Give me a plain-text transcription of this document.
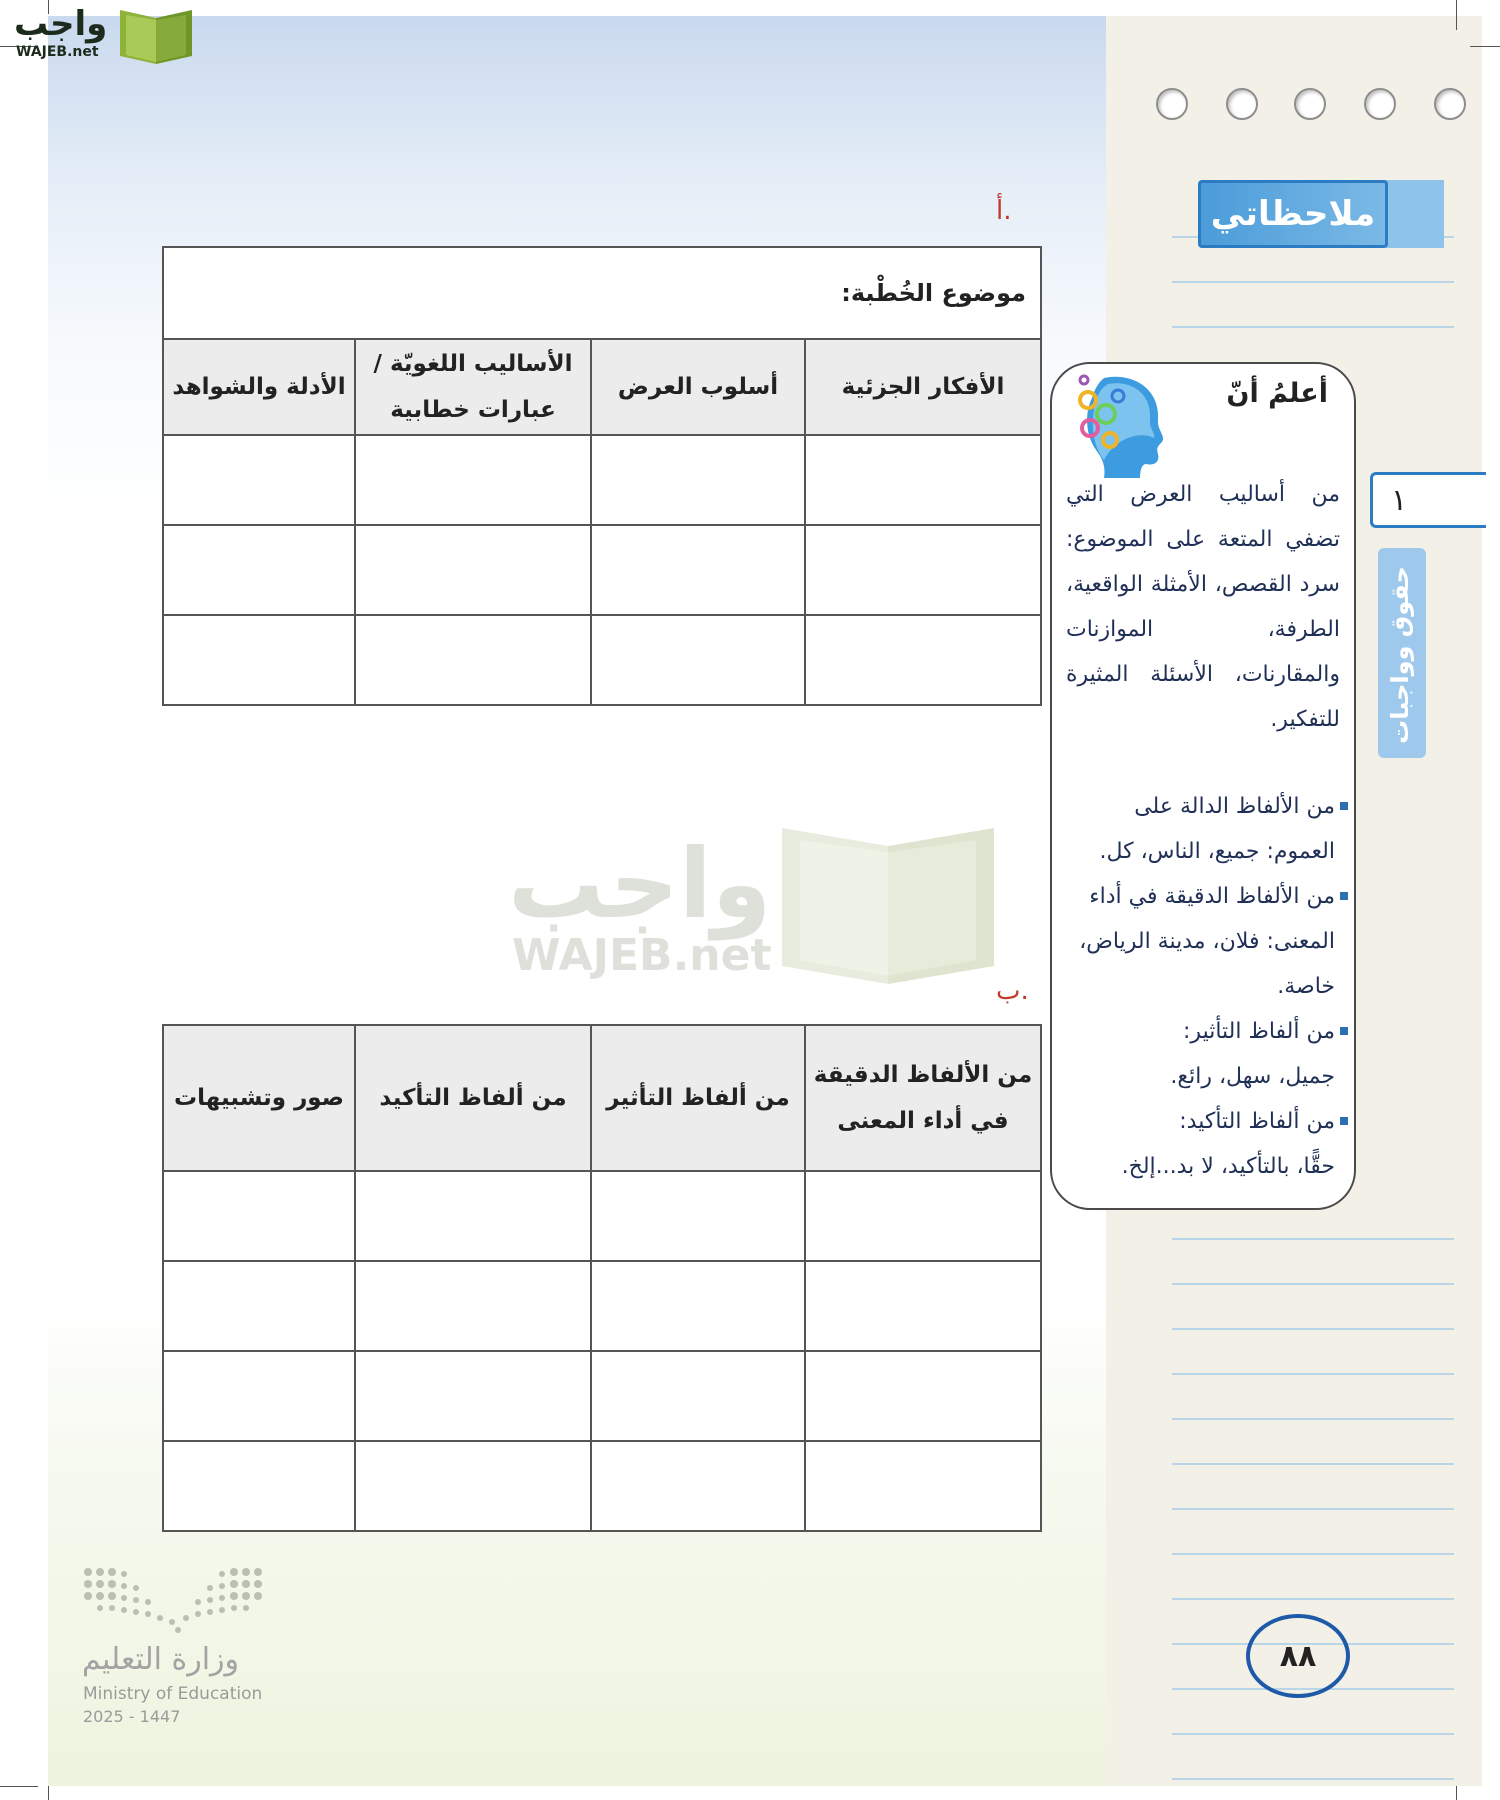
واجب
WAJEB.net
ملاحظاتي
١
حقوق وواجبات
أعلمُ أنّ
من أساليب العرض التي تضفي المتعة على الموضوع: سرد القصص، الأمثلة الواقعية، الطرفة، الموازنات والمقارنات، الأسئلة المثيرة للتفكير.
من الألفاظ الدالة على
العموم: جميع، الناس، كل.
من الألفاظ الدقيقة في أداء
المعنى: فلان، مدينة الرياض،
خاصة.
من ألفاظ التأثير:
جميل، سهل، رائع.
من ألفاظ التأكيد:
حقًّا، بالتأكيد، لا بد...إلخ.
أ.
موضوع الخُطْبة:			
الأفكار الجزئية	أسلوب العرض	الأساليب اللغويّة / عبارات خطابية	الأدلة والشواهد

واجب
WAJEB.net
ب.
من الألفاظ الدقيقة في أداء المعنى	من ألفاظ التأثير	من ألفاظ التأكيد	صور وتشبيهات

وزارة التعليم
Ministry of Education
2025 - 1447
٨٨
